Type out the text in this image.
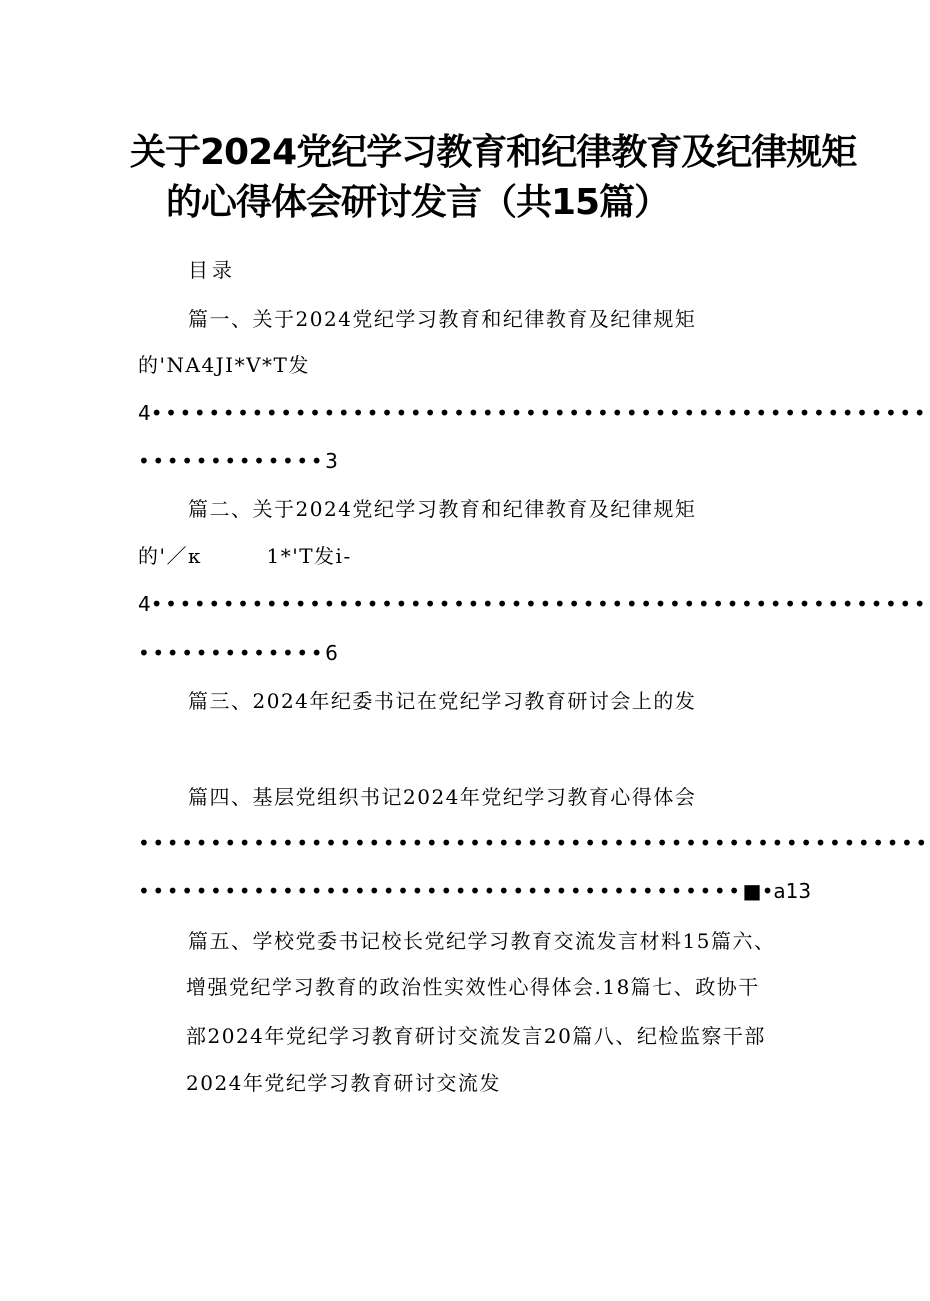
关于2024党纪学习教育和纪律教育及纪律规矩
的心得体会研讨发言（共15篇）
目录
篇一、关于2024党纪学习教育和纪律教育及纪律规矩
的'NA4JI*V*T发
4••••••••••••••••••••••••••••••••••••••••••••••••••••••
•••••••••••••3
篇二、关于2024党纪学习教育和纪律教育及纪律规矩
的'／κ　　　1*'T发i-
4••••••••••••••••••••••••••••••••••••••••••••••••••••••
•••••••••••••6
篇三、2024年纪委书记在党纪学习教育研讨会上的发
篇四、基层党组织书记2024年党纪学习教育心得体会
•••••••••••••••••••••••••••••••••••••••••••••••••••••••
••••••••••••••••••••••••••••••••••••••••••■•a13
篇五、学校党委书记校长党纪学习教育交流发言材料15篇六、
增强党纪学习教育的政治性实效性心得体会.18篇七、政协干
部2024年党纪学习教育研讨交流发言20篇八、纪检监察干部
2024年党纪学习教育研讨交流发
